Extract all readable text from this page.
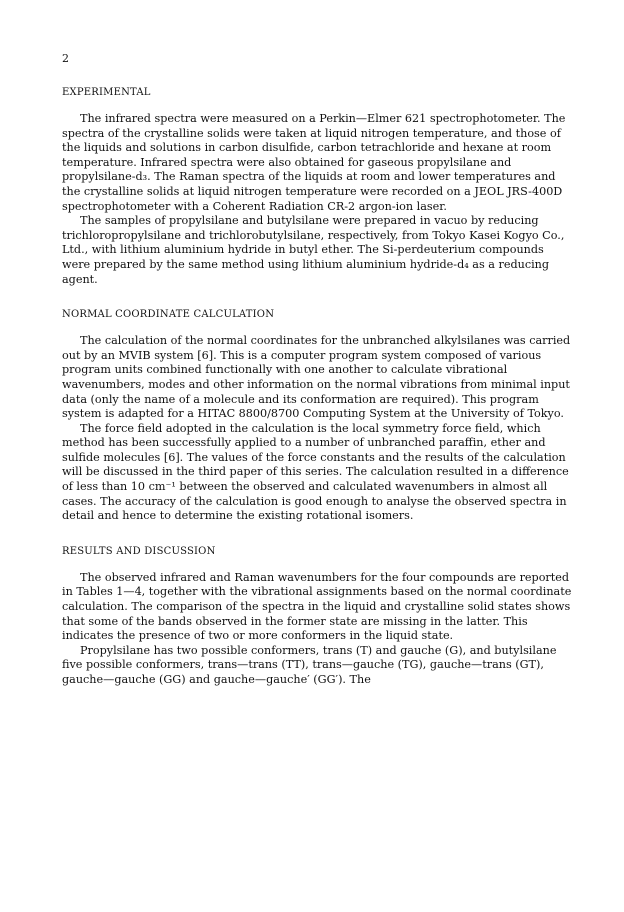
2
EXPERIMENTAL

The infrared spectra were measured on a Perkin—Elmer 621 spectrophotometer. The spectra of the crystalline solids were taken at liquid nitrogen temperature, and those of the liquids and solutions in carbon disulfide, carbon tetrachloride and hexane at room temperature. Infrared spectra were also obtained for gaseous propylsilane and propylsilane-d₃. The Raman spectra of the liquids at room and lower temperatures and the crystalline solids at liquid nitrogen temperature were recorded on a JEOL JRS-400D spectrophotometer with a Coherent Radiation CR-2 argon-ion laser.

The samples of propylsilane and butylsilane were prepared in vacuo by reducing trichloropropylsilane and trichlorobutylsilane, respectively, from Tokyo Kasei Kogyo Co., Ltd., with lithium aluminium hydride in butyl ether. The Si-perdeuterium compounds were prepared by the same method using lithium aluminium hydride-d₄ as a reducing agent.

NORMAL COORDINATE CALCULATION

The calculation of the normal coordinates for the unbranched alkylsilanes was carried out by an MVIB system [6]. This is a computer program system composed of various program units combined functionally with one another to calculate vibrational wavenumbers, modes and other information on the normal vibrations from minimal input data (only the name of a molecule and its conformation are required). This program system is adapted for a HITAC 8800/8700 Computing System at the University of Tokyo.

The force field adopted in the calculation is the local symmetry force field, which method has been successfully applied to a number of unbranched paraffin, ether and sulfide molecules [6]. The values of the force constants and the results of the calculation will be discussed in the third paper of this series. The calculation resulted in a difference of less than 10 cm⁻¹ between the observed and calculated wavenumbers in almost all cases. The accuracy of the calculation is good enough to analyse the observed spectra in detail and hence to determine the existing rotational isomers.

RESULTS AND DISCUSSION

The observed infrared and Raman wavenumbers for the four compounds are reported in Tables 1—4, together with the vibrational assignments based on the normal coordinate calculation. The comparison of the spectra in the liquid and crystalline solid states shows that some of the bands observed in the former state are missing in the latter. This indicates the presence of two or more conformers in the liquid state.

Propylsilane has two possible conformers, trans (T) and gauche (G), and butylsilane five possible conformers, trans—trans (TT), trans—gauche (TG), gauche—trans (GT), gauche—gauche (GG) and gauche—gauche′ (GG′). The
